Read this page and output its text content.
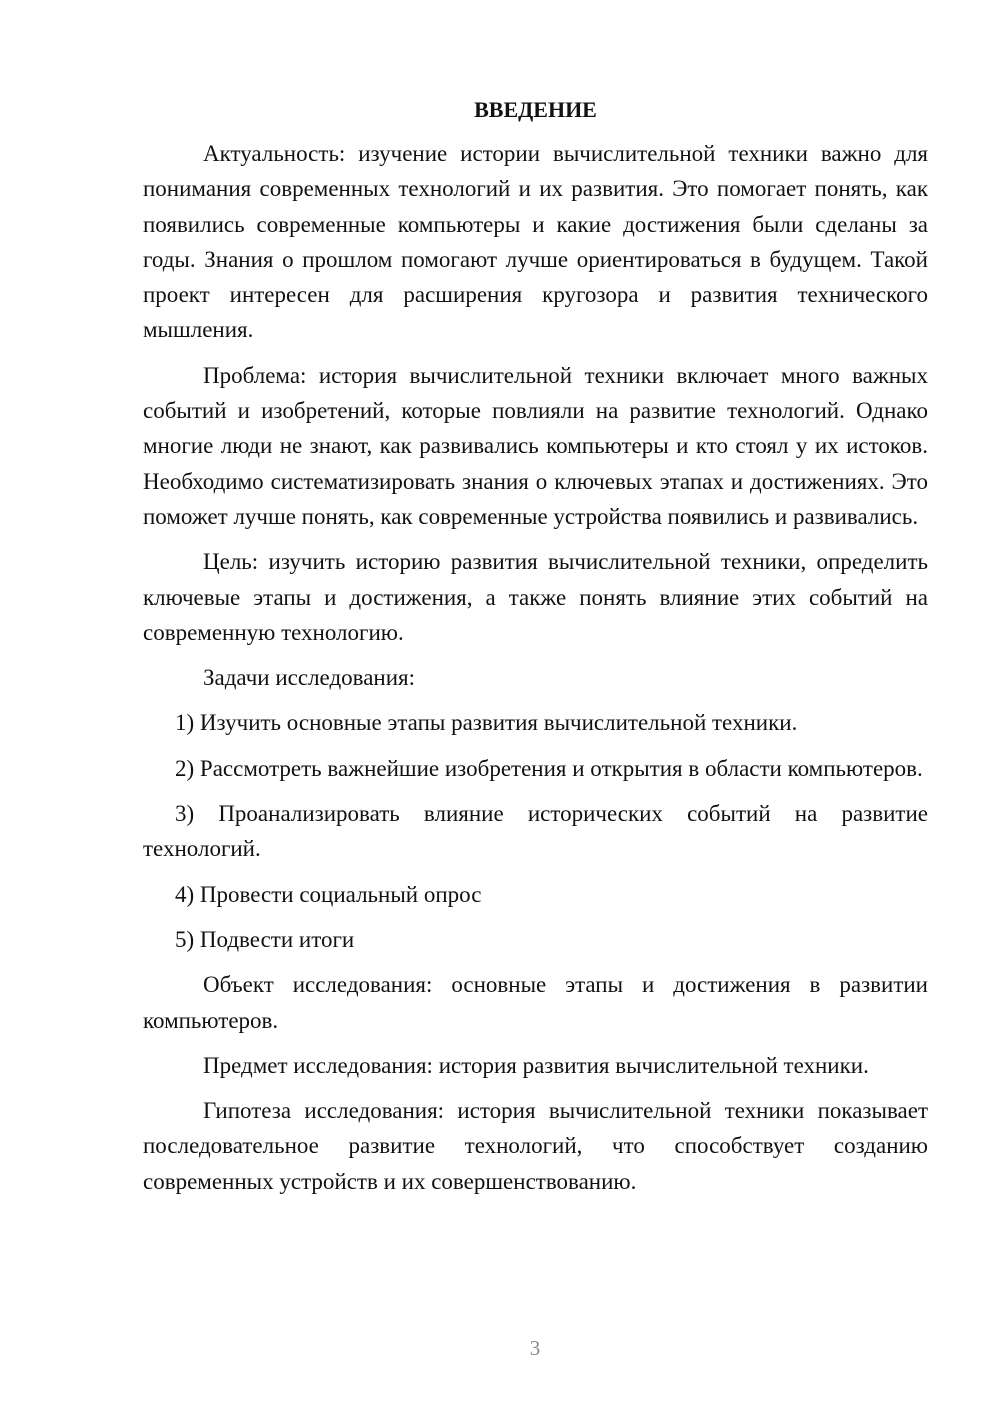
ВВЕДЕНИЕ

Актуальность: изучение истории вычислительной техники важно для понимания современных технологий и их развития. Это помогает понять, как появились современные компьютеры и какие достижения были сделаны за годы. Знания о прошлом помогают лучше ориентироваться в будущем. Такой проект интересен для расширения кругозора и развития технического мышления.

Проблема: история вычислительной техники включает много важных событий и изобретений, которые повлияли на развитие технологий. Однако многие люди не знают, как развивались компьютеры и кто стоял у их истоков. Необходимо систематизировать знания о ключевых этапах и достижениях. Это поможет лучше понять, как современные устройства появились и развивались.

Цель: изучить историю развития вычислительной техники, определить ключевые этапы и достижения, а также понять влияние этих событий на современную технологию.

Задачи исследования:

1) Изучить основные этапы развития вычислительной техники.

2) Рассмотреть важнейшие изобретения и открытия в области компьютеров.

3) Проанализировать влияние исторических событий на развитие технологий.

4) Провести социальный опрос

5) Подвести итоги

Объект исследования: основные этапы и достижения в развитии компьютеров.

Предмет исследования: история развития вычислительной техники.

Гипотеза исследования: история вычислительной техники показывает последовательное развитие технологий, что способствует созданию современных устройств и их совершенствованию.

3
